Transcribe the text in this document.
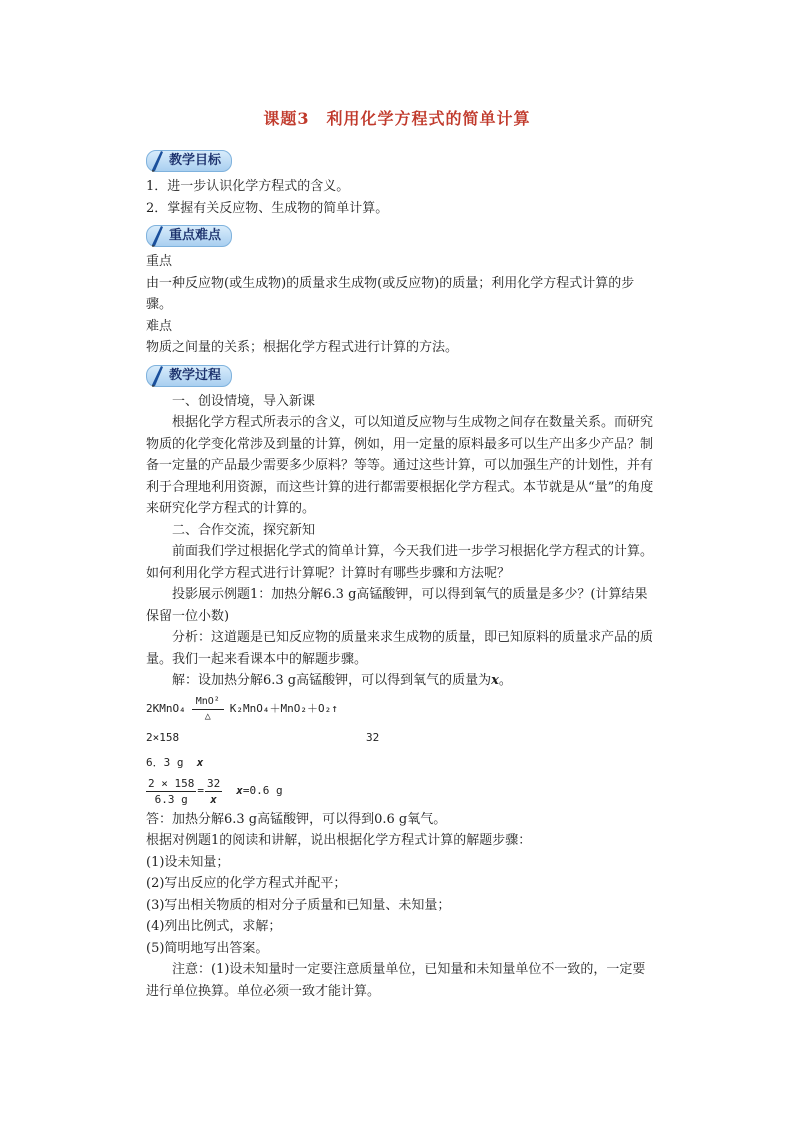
课题3　利用化学方程式的简单计算
教学目标

1．进一步认识化学方程式的含义。

2．掌握有关反应物、生成物的简单计算。

重点难点

重点

由一种反应物(或生成物)的质量求生成物(或反应物)的质量；利用化学方程式计算的步骤。

难点

物质之间量的关系；根据化学方程式进行计算的方法。

教学过程

一、创设情境，导入新课

根据化学方程式所表示的含义，可以知道反应物与生成物之间存在数量关系。而研究物质的化学变化常涉及到量的计算，例如，用一定量的原料最多可以生产出多少产品？制备一定量的产品最少需要多少原料？等等。通过这些计算，可以加强生产的计划性，并有利于合理地利用资源，而这些计算的进行都需要根据化学方程式。本节就是从“量”的角度来研究化学方程式的计算的。

二、合作交流，探究新知

前面我们学过根据化学式的简单计算，今天我们进一步学习根据化学方程式的计算。如何利用化学方程式进行计算呢？计算时有哪些步骤和方法呢？

投影展示例题1：加热分解6.3 g高锰酸钾，可以得到氧气的质量是多少？(计算结果保留一位小数)

分析：这道题是已知反应物的质量来求生成物的质量，即已知原料的质量求产品的质量。我们一起来看课本中的解题步骤。

解：设加热分解6.3 g高锰酸钾，可以得到氧气的质量为x。

2KMnO₄
MnO²
△
K₂MnO₄＋MnO₂＋O₂ ↑
2×158	32
6．3 g x
$\frac{2 \times 158}{6.3 g} = \frac{32}{x} x=0.6$ g

答：加热分解6.3 g高锰酸钾，可以得到0.6 g氧气。

根据对例题1的阅读和讲解，说出根据化学方程式计算的解题步骤：

(1)设未知量；

(2)写出反应的化学方程式并配平；

(3)写出相关物质的相对分子质量和已知量、未知量；

(4)列出比例式，求解；

(5)简明地写出答案。

注意：(1)设未知量时一定要注意质量单位，已知量和未知量单位不一致的，一定要进行单位换算。单位必须一致才能计算。
